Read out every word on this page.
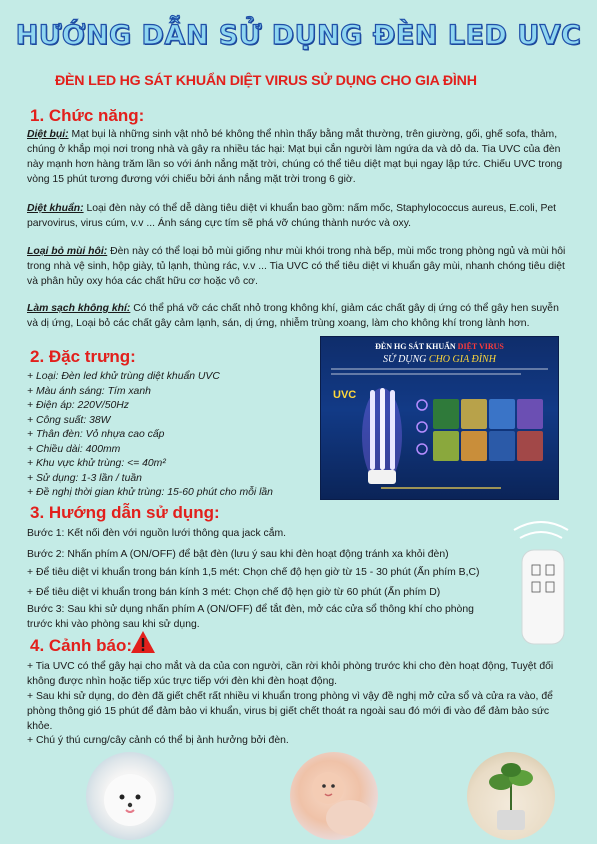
HƯỚNG DẪN SỬ DỤNG ĐÈN LED UVC
ĐÈN LED HG SÁT KHUẨN DIỆT VIRUS SỬ DỤNG CHO GIA ĐÌNH
1. Chức năng:
Diệt bụi: Mạt bụi là những sinh vật nhỏ bé không thể nhìn thấy bằng mắt thường, trên giường, gối, ghế sofa, thảm, chúng ở khắp mọi nơi trong nhà và gây ra nhiều tác hại: Mạt bụi cắn người làm ngứa da và dỏ da. Tia UVC của đèn này mạnh hơn hàng trăm lần so với ánh nắng mặt trời, chúng có thể tiêu diệt mạt bụi ngay lập tức. Chiếu UVC trong vòng 15 phút tương đương với chiếu bởi ánh nắng mặt trời trong 6 giờ.
Diệt khuẩn: Loại đèn này có thể dễ dàng tiêu diệt vi khuẩn bao gồm: nấm mốc, Staphylococcus aureus, E.coli, Pet parvovirus, virus cúm, v.v ... Ánh sáng cực tím sẽ phá vỡ chúng thành nước và oxy.
Loại bỏ mùi hôi: Đèn này có thể loại bỏ mùi giống như mùi khói trong nhà bếp, mùi mốc trong phòng ngủ và mùi hôi trong nhà vệ sinh, hộp giày, tủ lạnh, thùng rác, v.v ... Tia UVC có thể tiêu diệt vi khuẩn gây mùi, nhanh chóng tiêu diệt và phân hủy oxy hóa các chất hữu cơ hoặc vô cơ.
Làm sạch không khí: Có thể phá vỡ các chất nhỏ trong không khí, giảm các chất gây dị ứng có thể gây hen suyễn và dị ứng, Loại bỏ các chất gây cảm lạnh, sán, dị ứng, nhiễm trùng xoang, làm cho không khí trong lành hơn.
2. Đặc trưng:
+ Loại: Đèn led khử trùng diệt khuẩn UVC
+ Màu ánh sáng: Tím xanh
+ Điện áp: 220V/50Hz
+ Công suất: 38W
+ Thân đèn: Vỏ nhựa cao cấp
+ Chiều dài: 400mm
+ Khu vực khử trùng: <= 40m²
+ Sử dụng: 1-3 lần / tuần
+ Đề nghị thời gian khử trùng: 15-60 phút cho mỗi lần
ĐÈN HG SÁT KHUẨN DIỆT VIRUS
SỬ DỤNG CHO GIA ĐÌNH
UVC
3. Hướng dẫn sử dụng:
Bước 1: Kết nối đèn với nguồn lưới thông qua jack cắm.
Bước 2: Nhấn phím A (ON/OFF) để bật đèn (lưu ý sau khi đèn hoạt động tránh xa khỏi đèn)
+ Để tiêu diệt vi khuẩn trong bán kính 1,5 mét: Chọn chế độ hẹn giờ từ 15 - 30 phút (Ấn phím B,C)
+ Để tiêu diệt vi khuẩn trong bán kính 3 mét: Chọn chế độ hẹn giờ từ 60 phút (Ấn phím D)
Bước 3: Sau khi sử dụng nhấn phím A (ON/OFF) để tắt đèn, mở các cửa sổ thông khí cho phòng trước khi vào phòng sau khi sử dụng.
4. Cảnh báo:
+ Tia UVC có thể gây hại cho mắt và da của con người, cần rời khỏi phòng trước khi cho đèn hoạt động, Tuyệt đối không được nhìn hoặc tiếp xúc trực tiếp với đèn khi đèn hoạt động.
+ Sau khi sử dụng, do đèn đã giết chết rất nhiều vi khuẩn trong phòng vì vậy đề nghị mở cửa sổ và cửa ra vào, để phòng thông gió 15 phút để đảm bảo vi khuẩn, virus bị giết chết thoát ra ngoài sau đó mới đi vào để đảm bảo sức khỏe.
+ Chú ý thú cưng/cây cảnh có thể bị ảnh hưởng bởi đèn.
